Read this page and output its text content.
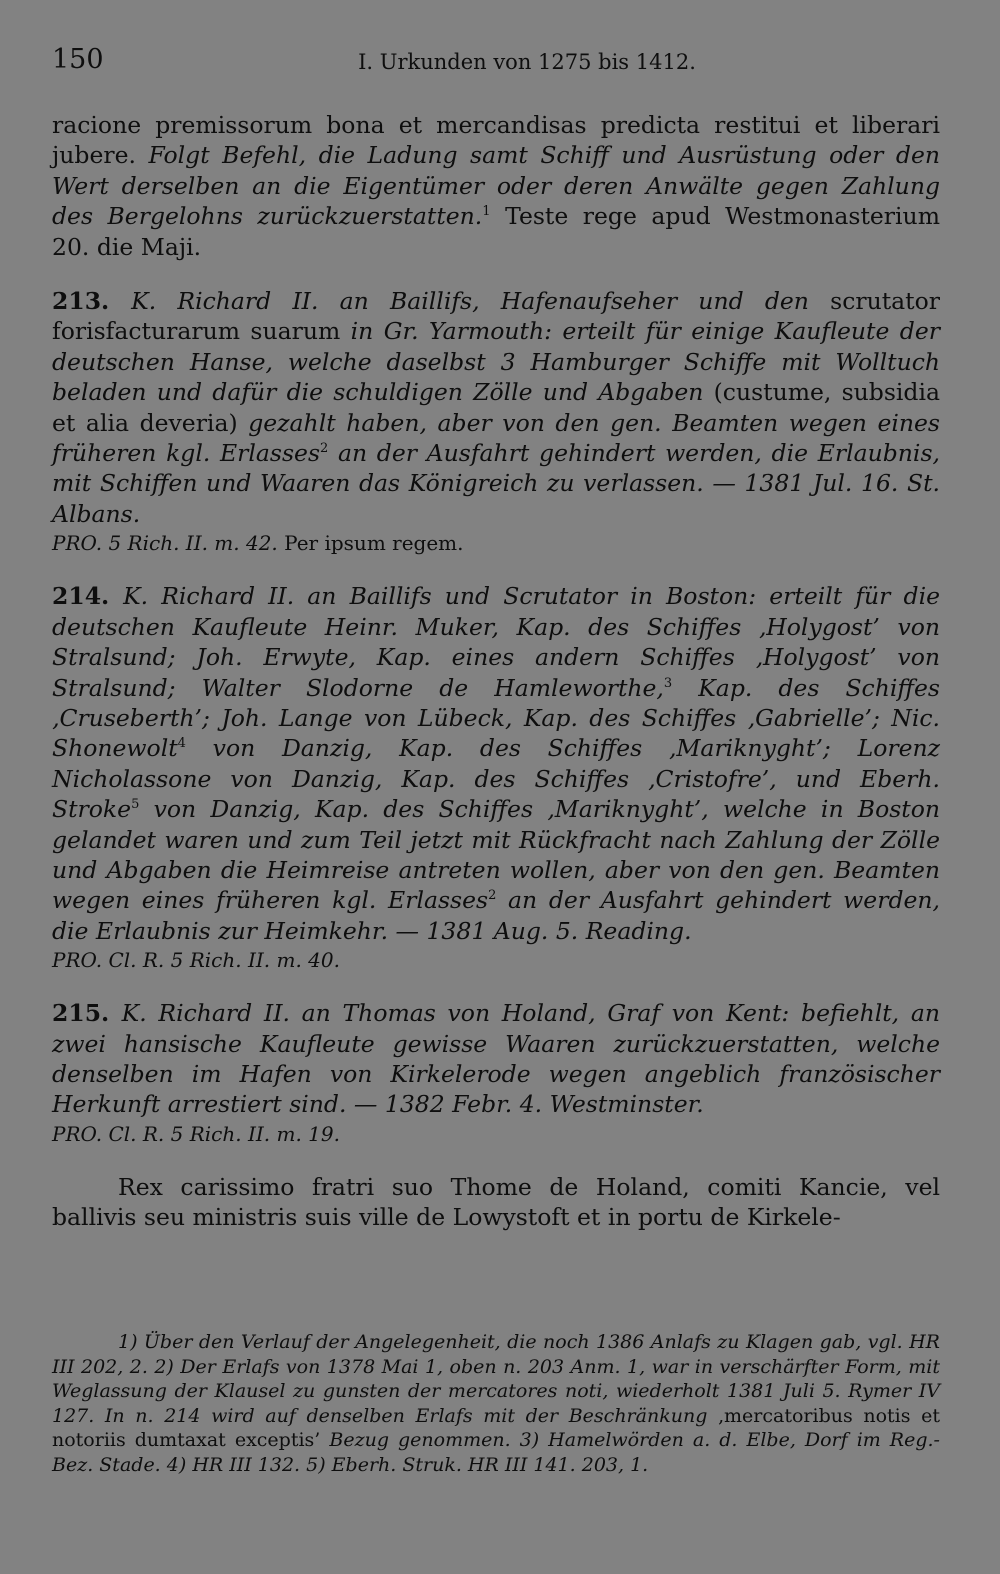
150	I. Urkunden von 1275 bis 1412.

racione premissorum bona et mercandisas predicta restitui et liberari jubere. Folgt Befehl, die Ladung samt Schiff und Ausrüstung oder den Wert derselben an die Eigentümer oder deren Anwälte gegen Zahlung des Bergelohns zurückzuerstatten.$^1$ Teste rege apud Westmonasterium 20. die Maji.

213. K. Richard II. an Baillifs, Hafenaufseher und den scrutator forisfacturarum suarum in Gr. Yarmouth: erteilt für einige Kaufleute der deutschen Hanse, welche daselbst 3 Hamburger Schiffe mit Wolltuch beladen und dafür die schuldigen Zölle und Abgaben (custume, subsidia et alia deveria) gezahlt haben, aber von den gen. Beamten wegen eines früheren kgl. Erlasses$^2$ an der Ausfahrt gehindert werden, die Erlaubnis, mit Schiffen und Waaren das Königreich zu verlassen. — 1381 Jul. 16. St. Albans.

PRO. 5 Rich. II. m. 42. Per ipsum regem.

214. K. Richard II. an Baillifs und Scrutator in Boston: erteilt für die deutschen Kaufleute Heinr. Muker, Kap. des Schiffes ‚Holygost’ von Stralsund; Joh. Erwyte, Kap. eines andern Schiffes ‚Holygost’ von Stralsund; Walter Slodorne de Hamleworthe,$^3$ Kap. des Schiffes ‚Cruseberth’; Joh. Lange von Lübeck, Kap. des Schiffes ‚Gabrielle’; Nic. Shonewolt$^4$ von Danzig, Kap. des Schiffes ‚Mariknyght’; Lorenz Nicholassone von Danzig, Kap. des Schiffes ‚Cristofre’, und Eberh. Stroke$^5$ von Danzig, Kap. des Schiffes ‚Mariknyght’, welche in Boston gelandet waren und zum Teil jetzt mit Rückfracht nach Zahlung der Zölle und Abgaben die Heimreise antreten wollen, aber von den gen. Beamten wegen eines früheren kgl. Erlasses$^2$ an der Ausfahrt gehindert werden, die Erlaubnis zur Heimkehr. — 1381 Aug. 5. Reading.

PRO. Cl. R. 5 Rich. II. m. 40.

215. K. Richard II. an Thomas von Holand, Graf von Kent: befiehlt, an zwei hansische Kaufleute gewisse Waaren zurückzuerstatten, welche denselben im Hafen von Kirkelerode wegen angeblich französischer Herkunft arrestiert sind. — 1382 Febr. 4. Westminster.

PRO. Cl. R. 5 Rich. II. m. 19.

Rex carissimo fratri suo Thome de Holand, comiti Kancie, vel ballivis seu ministris suis ville de Lowystoft et in portu de Kirkele-

1) Über den Verlauf der Angelegenheit, die noch 1386 Anlafs zu Klagen gab, vgl. HR III 202, 2. 2) Der Erlafs von 1378 Mai 1, oben n. 203 Anm. 1, war in verschärfter Form, mit Weglassung der Klausel zu gunsten der mercatores noti, wiederholt 1381 Juli 5. Rymer IV 127. In n. 214 wird auf denselben Erlafs mit der Beschränkung ‚mercatoribus notis et notoriis dumtaxat exceptis’ Bezug genommen. 3) Hamelwörden a. d. Elbe, Dorf im Reg.-Bez. Stade. 4) HR III 132. 5) Eberh. Struk. HR III 141. 203, 1.
